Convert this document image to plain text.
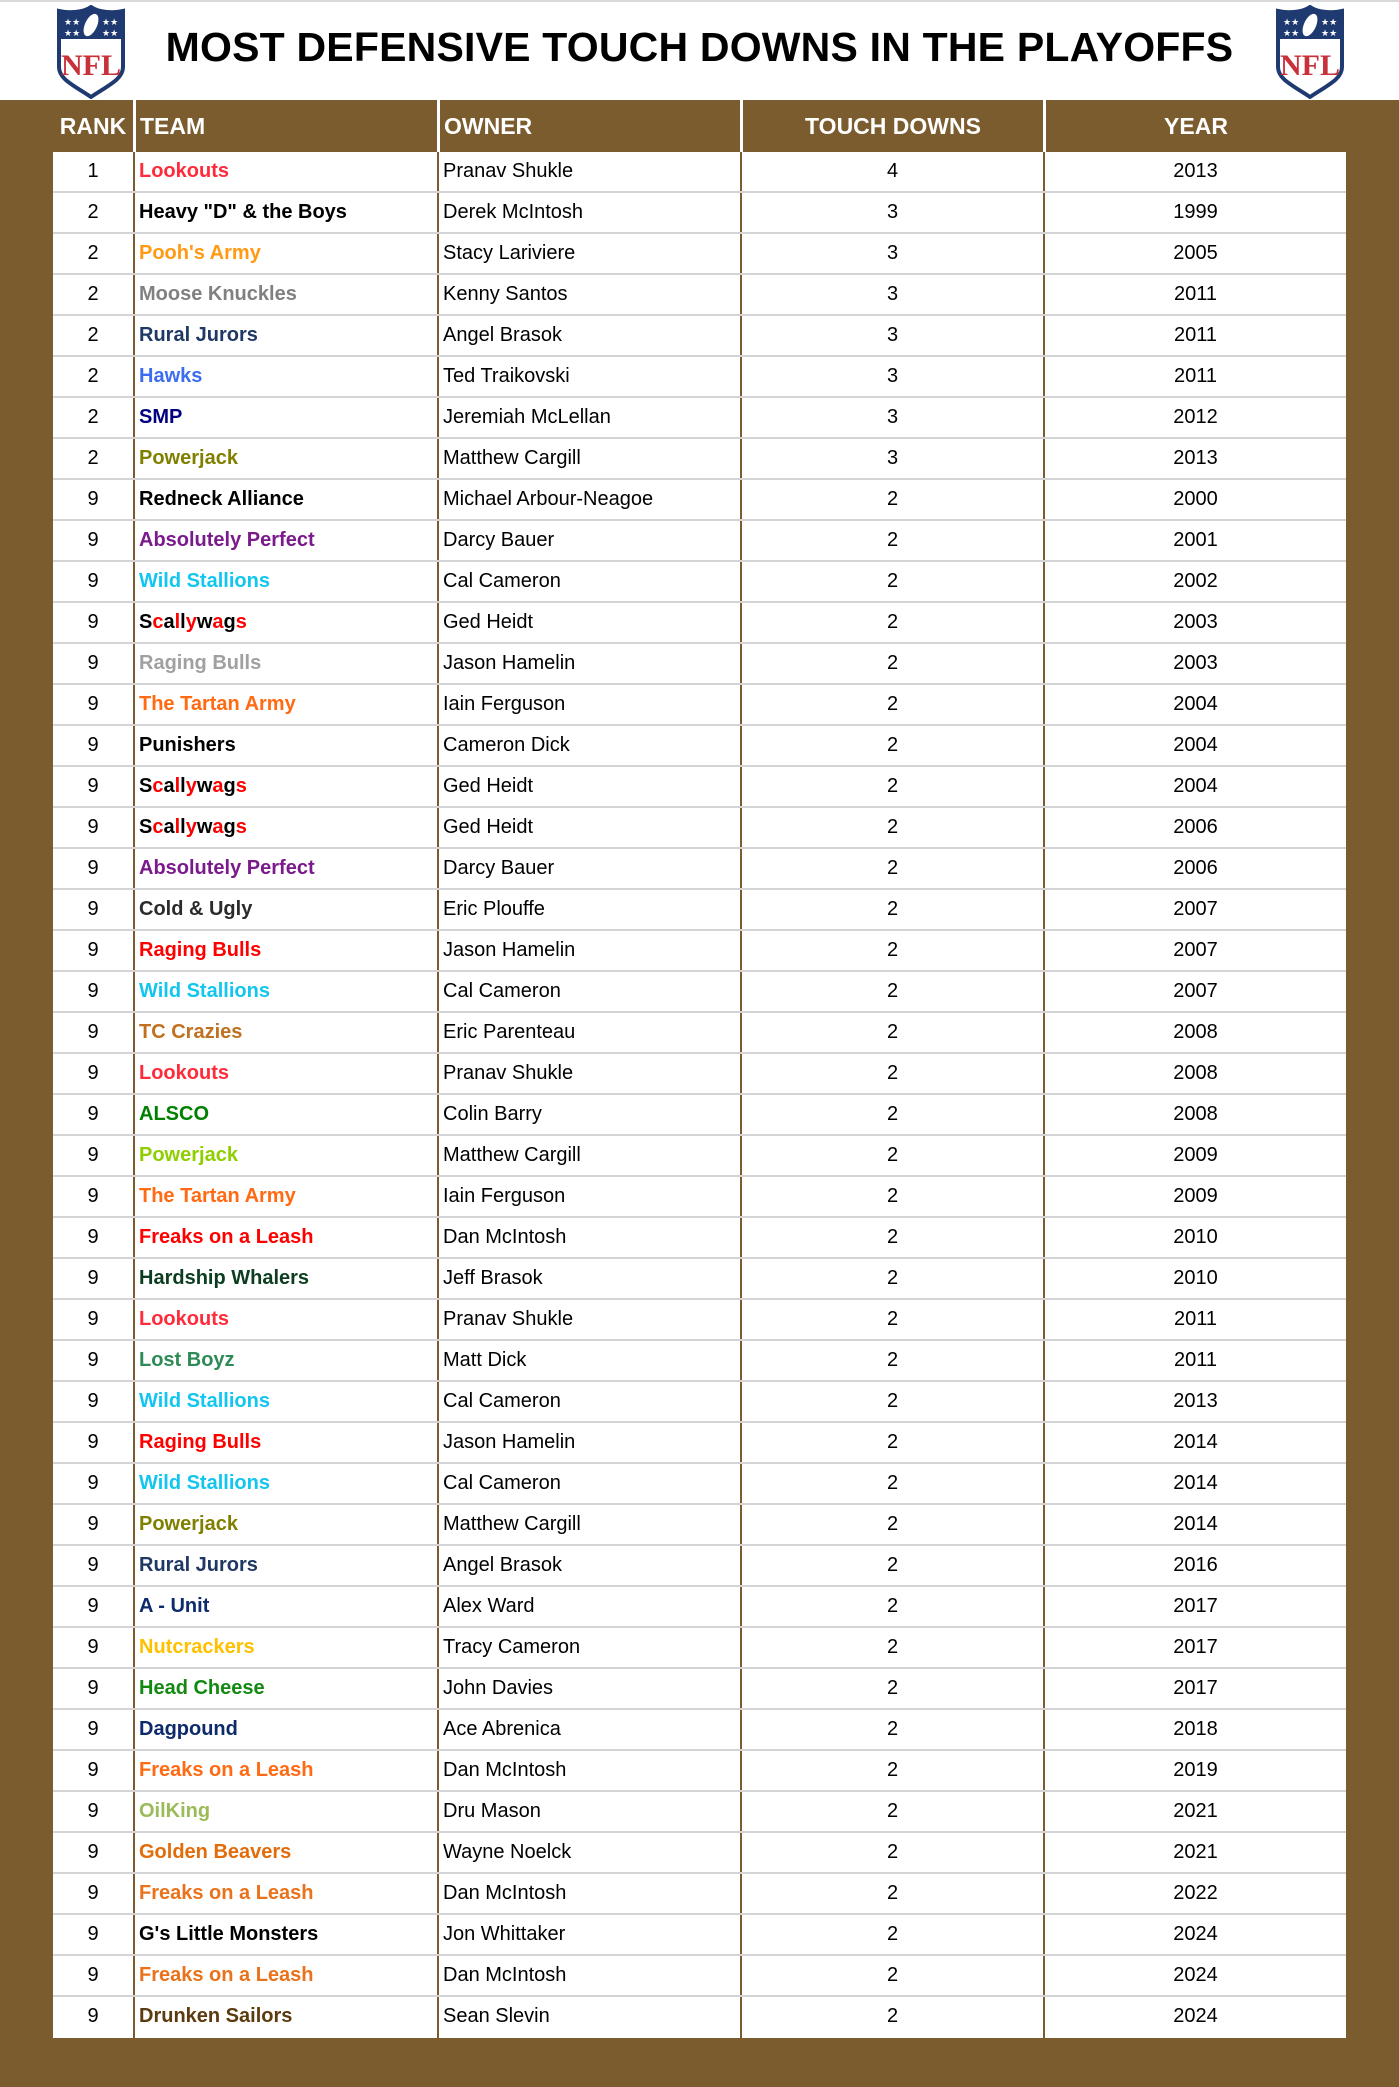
★★
★★
★★
★★
NFL	MOST DEFENSIVE TOUCH DOWNS IN THE PLAYOFFS
★★
★★
★★
★★
NFL
RANK TEAM	OWNER	TOUCH DOWNS	YEAR
1	Lookouts	Pranav Shukle	4	2013
2	Heavy "D" & the Boys	Derek McIntosh	3	1999
2	Pooh's Army	Stacy Lariviere	3	2005
2	Moose Knuckles	Kenny Santos	3	2011
2	Rural Jurors	Angel Brasok	3	2011
2	Hawks	Ted Traikovski	3	2011
2	SMP	Jeremiah McLellan	3	2012
2	Powerjack	Matthew Cargill	3	2013
9	Redneck Alliance	Michael Arbour-Neagoe	2	2000
9	Absolutely Perfect	Darcy Bauer	2	2001
9	Wild Stallions	Cal Cameron	2	2002
9	Scallywags	Ged Heidt	2	2003
9	Raging Bulls	Jason Hamelin	2	2003
9	The Tartan Army	Iain Ferguson	2	2004
9	Punishers	Cameron Dick	2	2004
9	Scallywags	Ged Heidt	2	2004
9	Scallywags	Ged Heidt	2	2006
9	Absolutely Perfect	Darcy Bauer	2	2006
9	Cold & Ugly	Eric Plouffe	2	2007
9	Raging Bulls	Jason Hamelin	2	2007
9	Wild Stallions	Cal Cameron	2	2007
9	TC Crazies	Eric Parenteau	2	2008
9	Lookouts	Pranav Shukle	2	2008
9	ALSCO	Colin Barry	2	2008
9	Powerjack	Matthew Cargill	2	2009
9	The Tartan Army	Iain Ferguson	2	2009
9	Freaks on a Leash	Dan McIntosh	2	2010
9	Hardship Whalers	Jeff Brasok	2	2010
9	Lookouts	Pranav Shukle	2	2011
9	Lost Boyz	Matt Dick	2	2011
9	Wild Stallions	Cal Cameron	2	2013
9	Raging Bulls	Jason Hamelin	2	2014
9	Wild Stallions	Cal Cameron	2	2014
9	Powerjack	Matthew Cargill	2	2014
9	Rural Jurors	Angel Brasok	2	2016
9	A - Unit	Alex Ward	2	2017
9	Nutcrackers	Tracy Cameron	2	2017
9	Head Cheese	John Davies	2	2017
9	Dagpound	Ace Abrenica	2	2018
9	Freaks on a Leash	Dan McIntosh	2	2019
9	OilKing	Dru Mason	2	2021
9	Golden Beavers	Wayne Noelck	2	2021
9	Freaks on a Leash	Dan McIntosh	2	2022
9	G's Little Monsters	Jon Whittaker	2	2024
9	Freaks on a Leash	Dan McIntosh	2	2024
9	Drunken Sailors	Sean Slevin	2	2024
